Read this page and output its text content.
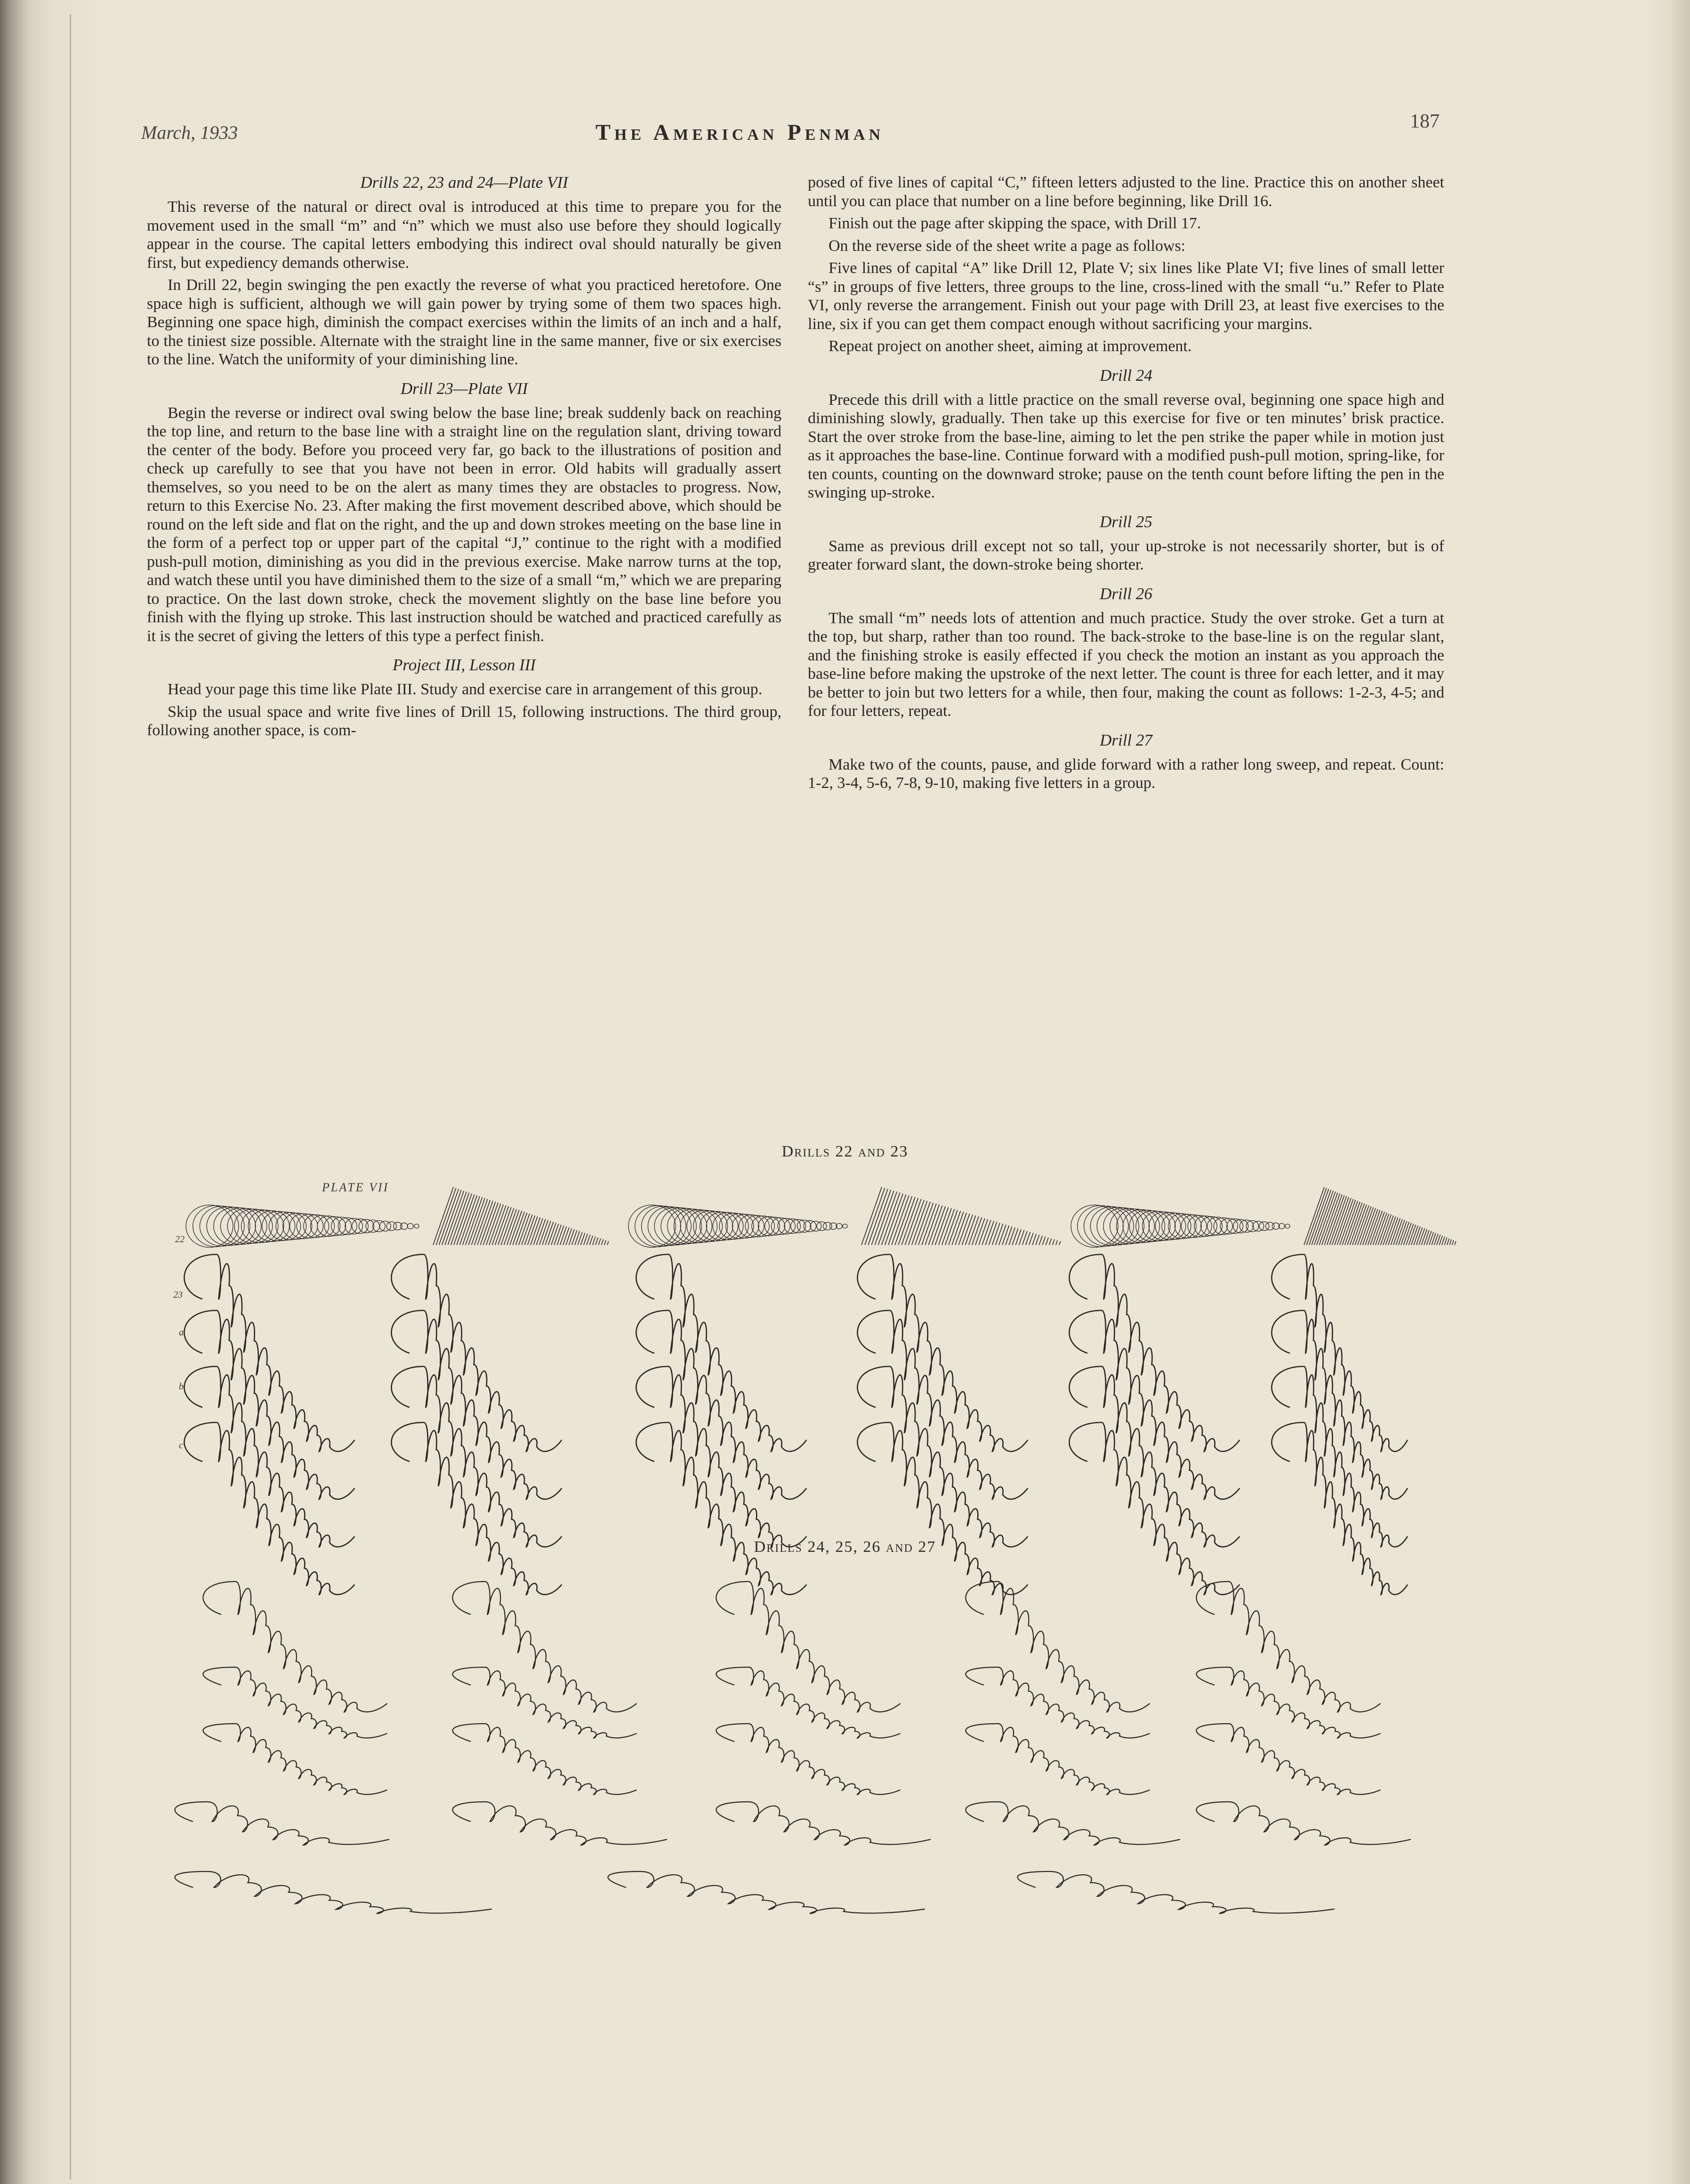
March, 1933	The American Penman	187
Drills 22, 23 and 24—Plate VII

This reverse of the natural or direct oval is introduced at this time to prepare you for the movement used in the small “m” and “n” which we must also use before they should logically appear in the course. The capital letters embodying this indirect oval should naturally be given first, but expediency demands otherwise.

In Drill 22, begin swinging the pen exactly the reverse of what you practiced heretofore. One space high is sufficient, although we will gain power by trying some of them two spaces high. Beginning one space high, diminish the compact exercises within the limits of an inch and a half, to the tiniest size possible. Alternate with the straight line in the same manner, five or six exercises to the line. Watch the uniformity of your diminishing line.

Drill 23—Plate VII

Begin the reverse or indirect oval swing below the base line; break suddenly back on reaching the top line, and return to the base line with a straight line on the regulation slant, driving toward the center of the body. Before you proceed very far, go back to the illustrations of position and check up carefully to see that you have not been in error. Old habits will gradually assert themselves, so you need to be on the alert as many times they are obstacles to progress. Now, return to this Exercise No. 23. After making the first movement described above, which should be round on the left side and flat on the right, and the up and down strokes meeting on the base line in the form of a perfect top or upper part of the capital “J,” continue to the right with a modified push-pull motion, diminishing as you did in the previous exercise. Make narrow turns at the top, and watch these until you have diminished them to the size of a small “m,” which we are preparing to practice. On the last down stroke, check the movement slightly on the base line before you finish with the flying up stroke. This last instruction should be watched and practiced carefully as it is the secret of giving the letters of this type a perfect finish.

Project III, Lesson III

Head your page this time like Plate III. Study and exercise care in arrangement of this group.

Skip the usual space and write five lines of Drill 15, following instructions. The third group, following another space, is com-

posed of five lines of capital “C,” fifteen letters adjusted to the line. Practice this on another sheet until you can place that number on a line before beginning, like Drill 16.

Finish out the page after skipping the space, with Drill 17.

On the reverse side of the sheet write a page as follows:

Five lines of capital “A” like Drill 12, Plate V; six lines like Plate VI; five lines of small letter “s” in groups of five letters, three groups to the line, cross-lined with the small “u.” Refer to Plate VI, only reverse the arrangement. Finish out your page with Drill 23, at least five exercises to the line, six if you can get them compact enough without sacrificing your margins.

Repeat project on another sheet, aiming at improvement.

Drill 24

Precede this drill with a little practice on the small reverse oval, beginning one space high and diminishing slowly, gradually. Then take up this exercise for five or ten minutes’ brisk practice. Start the over stroke from the base-line, aiming to let the pen strike the paper while in motion just as it approaches the base-line. Continue forward with a modified push-pull motion, spring-like, for ten counts, counting on the downward stroke; pause on the tenth count before lifting the pen in the swinging up-stroke.

Drill 25

Same as previous drill except not so tall, your up-stroke is not necessarily shorter, but is of greater forward slant, the down-stroke being shorter.

Drill 26

The small “m” needs lots of attention and much practice. Study the over stroke. Get a turn at the top, but sharp, rather than too round. The back-stroke to the base-line is on the regular slant, and the finishing stroke is easily effected if you check the motion an instant as you approach the base-line before making the upstroke of the next letter. The count is three for each letter, and it may be better to join but two letters for a while, then four, making the count as follows: 1-2-3, 4-5; and for four letters, repeat.

Drill 27

Make two of the counts, pause, and glide forward with a rather long sweep, and repeat. Count: 1-2, 3-4, 5-6, 7-8, 9-10, making five letters in a group.

Drills 22 and 23
PLATE VII
22
23
a
b
c
Drills 24, 25, 26 and 27
